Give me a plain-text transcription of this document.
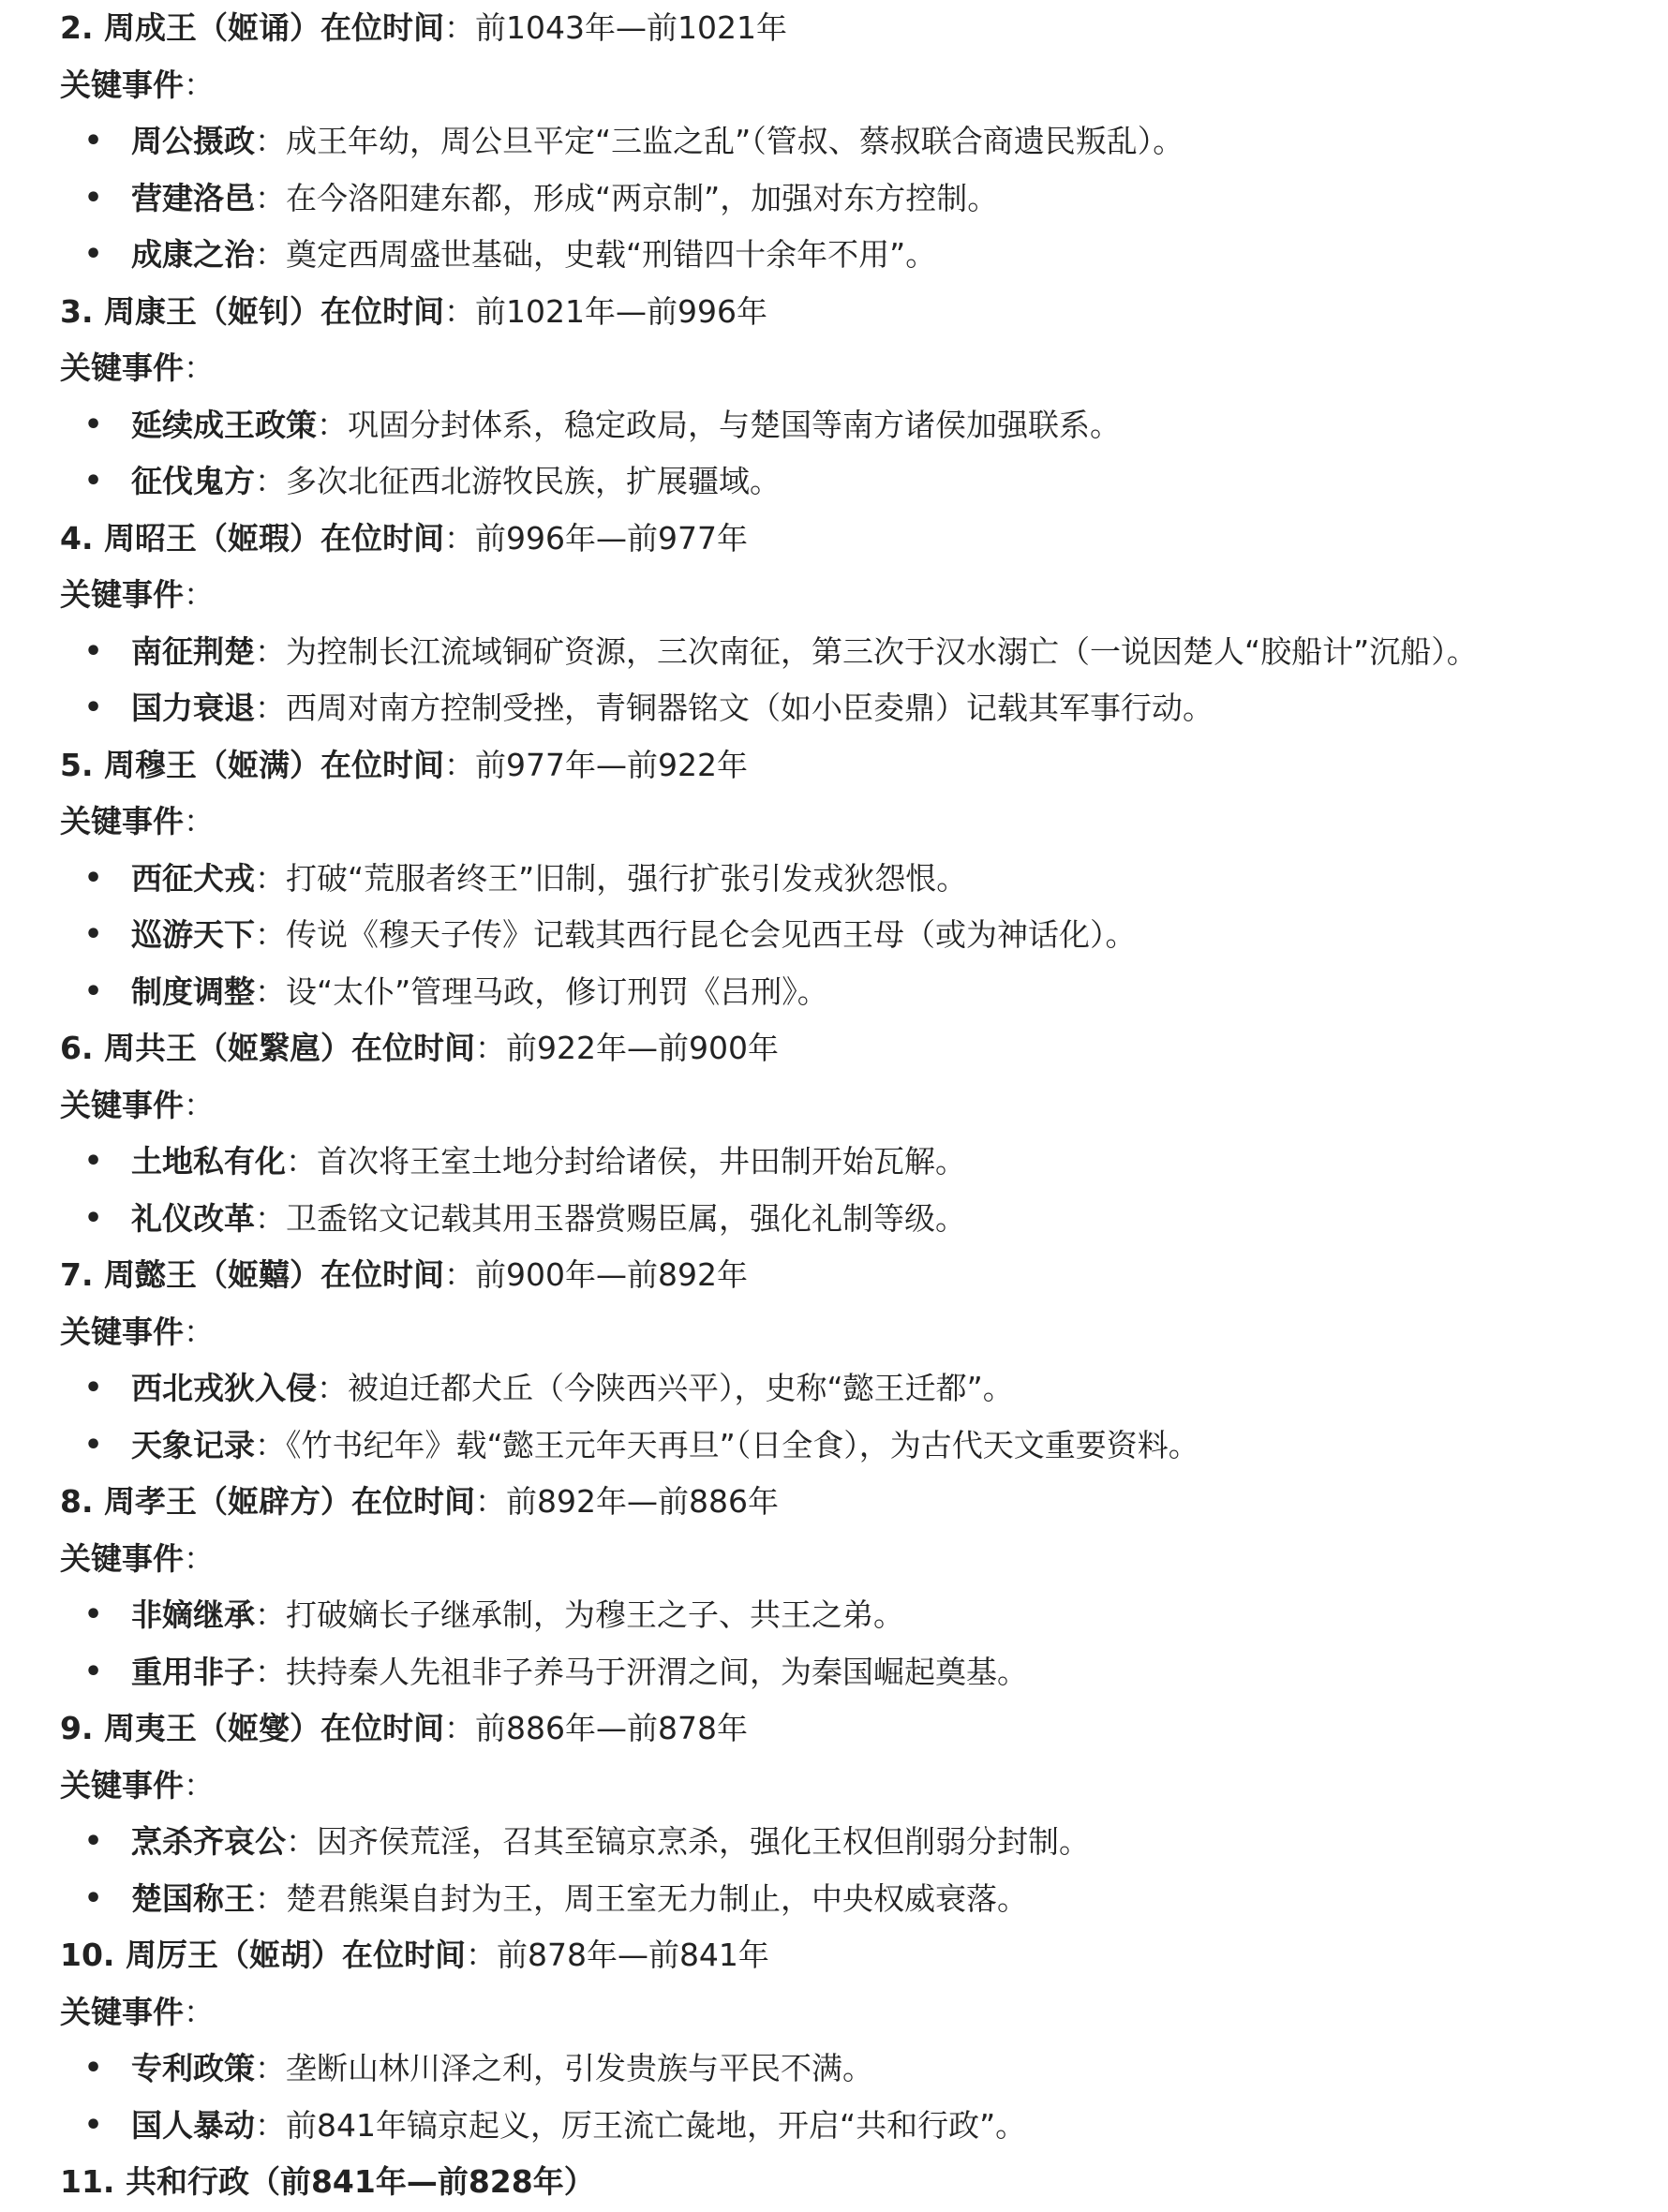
2. 周成王（姬诵）在位时间：前1043年—前1021年
关键事件：
• 周公摄政：成王年幼，周公旦平定“三监之乱”（管叔、蔡叔联合商遗民叛乱）。
• 营建洛邑：在今洛阳建东都，形成“两京制”，加强对东方控制。
• 成康之治：奠定西周盛世基础，史载“刑错四十余年不用”。
3. 周康王（姬钊）在位时间：前1021年—前996年
关键事件：
• 延续成王政策：巩固分封体系，稳定政局，与楚国等南方诸侯加强联系。
• 征伐鬼方：多次北征西北游牧民族，扩展疆域。
4. 周昭王（姬瑕）在位时间：前996年—前977年
关键事件：
• 南征荆楚：为控制长江流域铜矿资源，三次南征，第三次于汉水溺亡（一说因楚人“胶船计”沉船）。
• 国力衰退：西周对南方控制受挫，青铜器铭文（如小臣夌鼎）记载其军事行动。
5. 周穆王（姬满）在位时间：前977年—前922年
关键事件：
• 西征犬戎：打破“荒服者终王”旧制，强行扩张引发戎狄怨恨。
• 巡游天下：传说《穆天子传》记载其西行昆仑会见西王母（或为神话化）。
• 制度调整：设“太仆”管理马政，修订刑罚《吕刑》。
6. 周共王（姬繄扈）在位时间：前922年—前900年
关键事件：
• 土地私有化：首次将王室土地分封给诸侯，井田制开始瓦解。
• 礼仪改革：卫盉铭文记载其用玉器赏赐臣属，强化礼制等级。
7. 周懿王（姬囏）在位时间：前900年—前892年
关键事件：
• 西北戎狄入侵：被迫迁都犬丘（今陕西兴平），史称“懿王迁都”。
• 天象记录：《竹书纪年》载“懿王元年天再旦”（日全食），为古代天文重要资料。
8. 周孝王（姬辟方）在位时间：前892年—前886年
关键事件：
• 非嫡继承：打破嫡长子继承制，为穆王之子、共王之弟。
• 重用非子：扶持秦人先祖非子养马于汧渭之间，为秦国崛起奠基。
9. 周夷王（姬燮）在位时间：前886年—前878年
关键事件：
• 烹杀齐哀公：因齐侯荒淫，召其至镐京烹杀，强化王权但削弱分封制。
• 楚国称王：楚君熊渠自封为王，周王室无力制止，中央权威衰落。
10. 周厉王（姬胡）在位时间：前878年—前841年
关键事件：
• 专利政策：垄断山林川泽之利，引发贵族与平民不满。
• 国人暴动：前841年镐京起义，厉王流亡彘地，开启“共和行政”。
11. 共和行政（前841年—前828年）
